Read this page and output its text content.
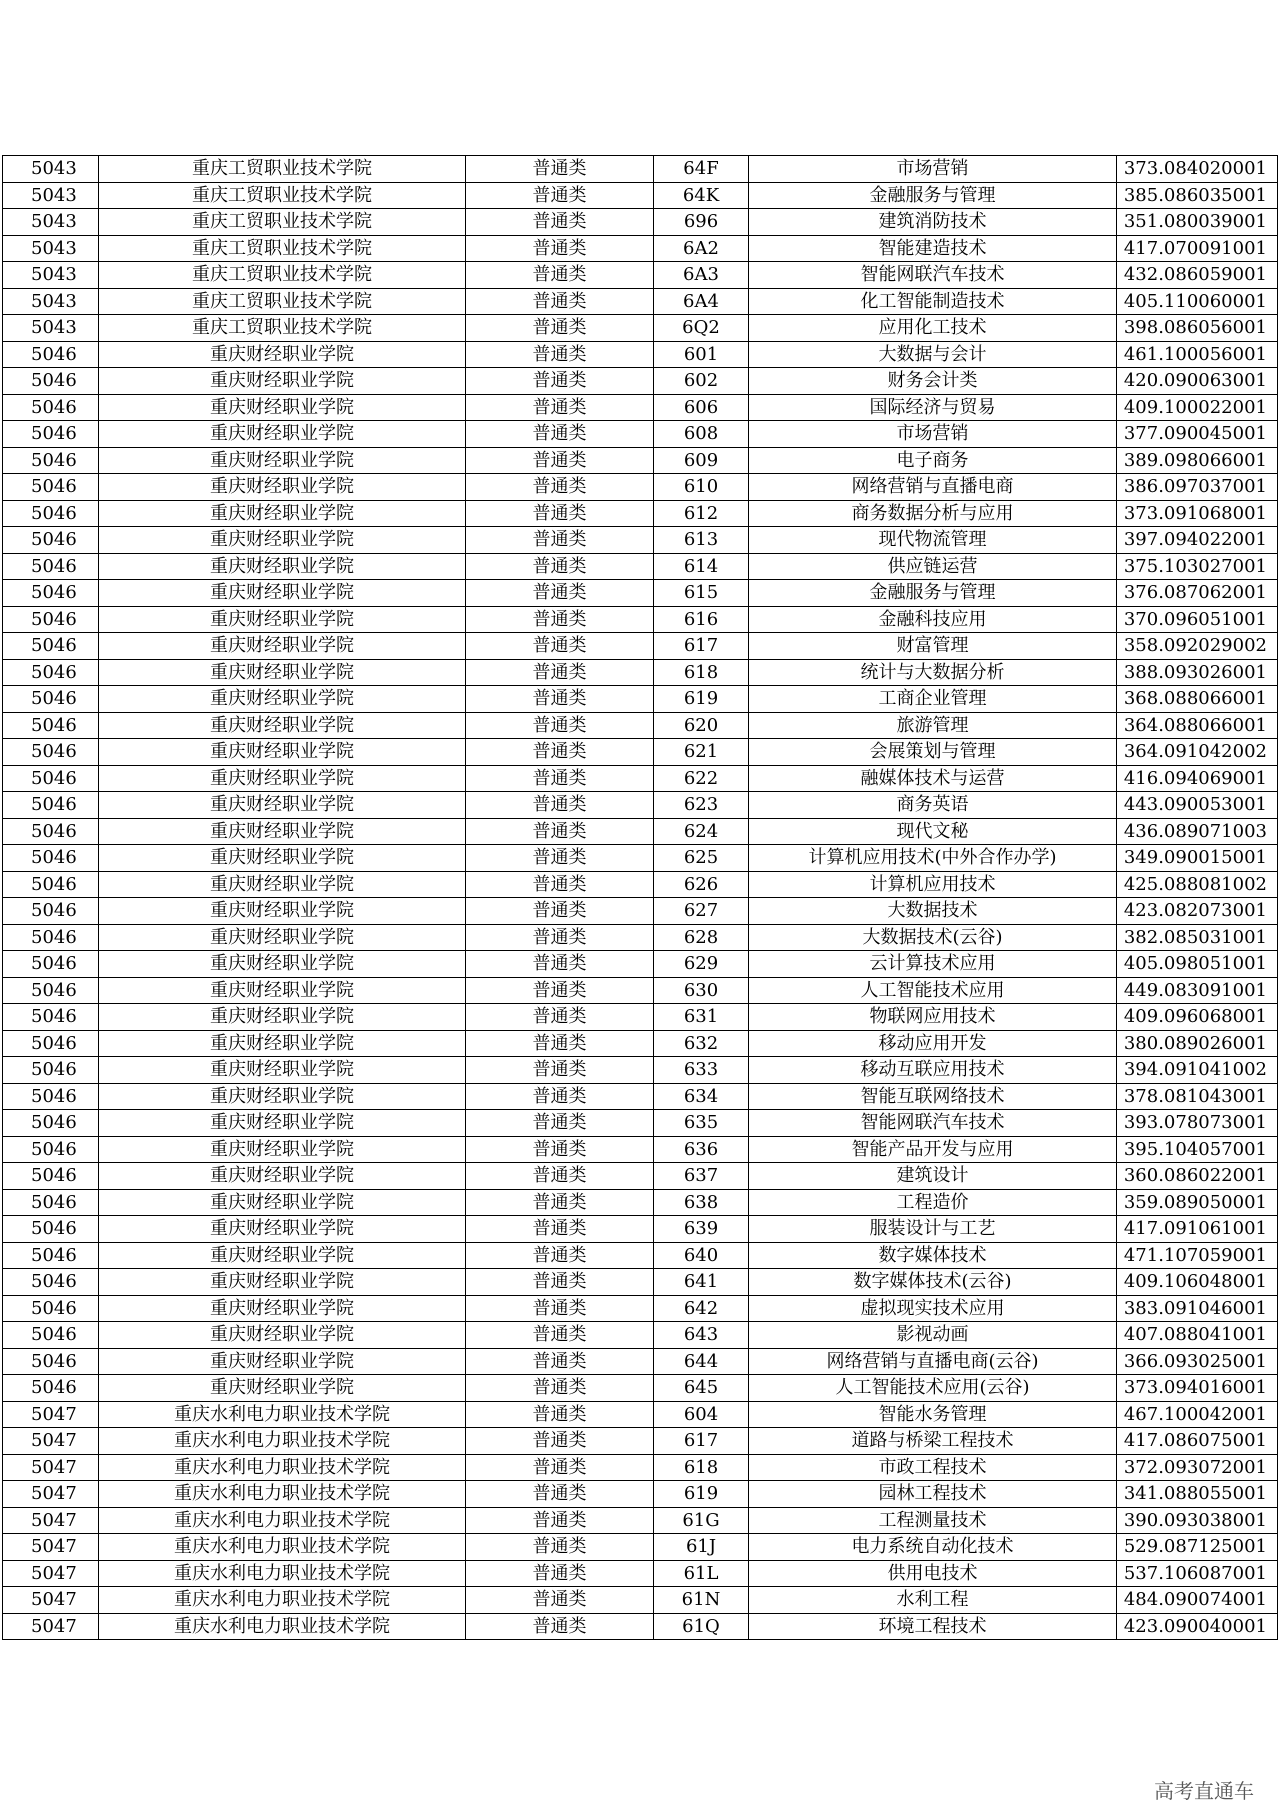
5043	重庆工贸职业技术学院	普通类	64F	市场营销	373.084020001
5043	重庆工贸职业技术学院	普通类	64K	金融服务与管理	385.086035001
5043	重庆工贸职业技术学院	普通类	696	建筑消防技术	351.080039001
5043	重庆工贸职业技术学院	普通类	6A2	智能建造技术	417.070091001
5043	重庆工贸职业技术学院	普通类	6A3	智能网联汽车技术	432.086059001
5043	重庆工贸职业技术学院	普通类	6A4	化工智能制造技术	405.110060001
5043	重庆工贸职业技术学院	普通类	6Q2	应用化工技术	398.086056001
5046	重庆财经职业学院	普通类	601	大数据与会计	461.100056001
5046	重庆财经职业学院	普通类	602	财务会计类	420.090063001
5046	重庆财经职业学院	普通类	606	国际经济与贸易	409.100022001
5046	重庆财经职业学院	普通类	608	市场营销	377.090045001
5046	重庆财经职业学院	普通类	609	电子商务	389.098066001
5046	重庆财经职业学院	普通类	610	网络营销与直播电商	386.097037001
5046	重庆财经职业学院	普通类	612	商务数据分析与应用	373.091068001
5046	重庆财经职业学院	普通类	613	现代物流管理	397.094022001
5046	重庆财经职业学院	普通类	614	供应链运营	375.103027001
5046	重庆财经职业学院	普通类	615	金融服务与管理	376.087062001
5046	重庆财经职业学院	普通类	616	金融科技应用	370.096051001
5046	重庆财经职业学院	普通类	617	财富管理	358.092029002
5046	重庆财经职业学院	普通类	618	统计与大数据分析	388.093026001
5046	重庆财经职业学院	普通类	619	工商企业管理	368.088066001
5046	重庆财经职业学院	普通类	620	旅游管理	364.088066001
5046	重庆财经职业学院	普通类	621	会展策划与管理	364.091042002
5046	重庆财经职业学院	普通类	622	融媒体技术与运营	416.094069001
5046	重庆财经职业学院	普通类	623	商务英语	443.090053001
5046	重庆财经职业学院	普通类	624	现代文秘	436.089071003
5046	重庆财经职业学院	普通类	625	计算机应用技术(中外合作办学)	349.090015001
5046	重庆财经职业学院	普通类	626	计算机应用技术	425.088081002
5046	重庆财经职业学院	普通类	627	大数据技术	423.082073001
5046	重庆财经职业学院	普通类	628	大数据技术(云谷)	382.085031001
5046	重庆财经职业学院	普通类	629	云计算技术应用	405.098051001
5046	重庆财经职业学院	普通类	630	人工智能技术应用	449.083091001
5046	重庆财经职业学院	普通类	631	物联网应用技术	409.096068001
5046	重庆财经职业学院	普通类	632	移动应用开发	380.089026001
5046	重庆财经职业学院	普通类	633	移动互联应用技术	394.091041002
5046	重庆财经职业学院	普通类	634	智能互联网络技术	378.081043001
5046	重庆财经职业学院	普通类	635	智能网联汽车技术	393.078073001
5046	重庆财经职业学院	普通类	636	智能产品开发与应用	395.104057001
5046	重庆财经职业学院	普通类	637	建筑设计	360.086022001
5046	重庆财经职业学院	普通类	638	工程造价	359.089050001
5046	重庆财经职业学院	普通类	639	服装设计与工艺	417.091061001
5046	重庆财经职业学院	普通类	640	数字媒体技术	471.107059001
5046	重庆财经职业学院	普通类	641	数字媒体技术(云谷)	409.106048001
5046	重庆财经职业学院	普通类	642	虚拟现实技术应用	383.091046001
5046	重庆财经职业学院	普通类	643	影视动画	407.088041001
5046	重庆财经职业学院	普通类	644	网络营销与直播电商(云谷)	366.093025001
5046	重庆财经职业学院	普通类	645	人工智能技术应用(云谷)	373.094016001
5047	重庆水利电力职业技术学院	普通类	604	智能水务管理	467.100042001
5047	重庆水利电力职业技术学院	普通类	617	道路与桥梁工程技术	417.086075001
5047	重庆水利电力职业技术学院	普通类	618	市政工程技术	372.093072001
5047	重庆水利电力职业技术学院	普通类	619	园林工程技术	341.088055001
5047	重庆水利电力职业技术学院	普通类	61G	工程测量技术	390.093038001
5047	重庆水利电力职业技术学院	普通类	61J	电力系统自动化技术	529.087125001
5047	重庆水利电力职业技术学院	普通类	61L	供用电技术	537.106087001
5047	重庆水利电力职业技术学院	普通类	61N	水利工程	484.090074001
5047	重庆水利电力职业技术学院	普通类	61Q	环境工程技术	423.090040001
高考直通车
